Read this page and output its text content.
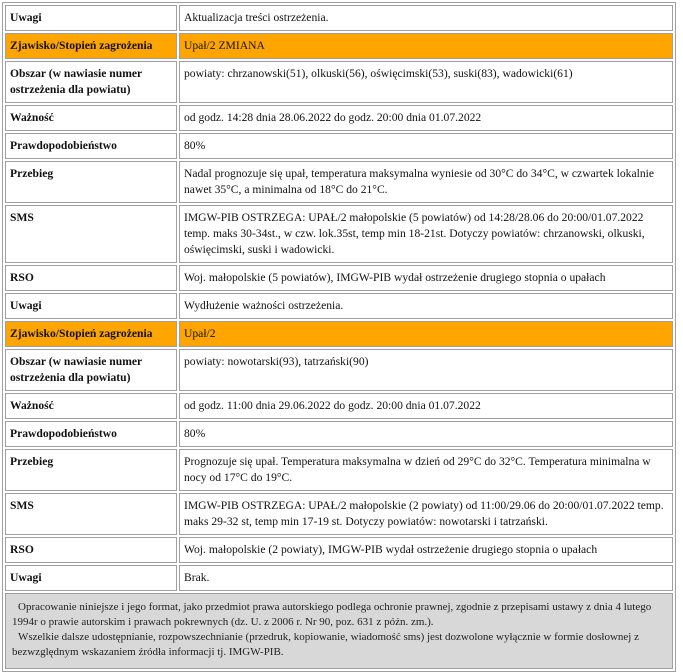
Uwagi	Aktualizacja treści ostrzeżenia.
Zjawisko/Stopień zagrożenia	Upał/2 ZMIANA
Obszar (w nawiasie numer ostrzeżenia dla powiatu)	powiaty: chrzanowski(51), olkuski(56), oświęcimski(53), suski(83), wadowicki(61)
Ważność	od godz. 14:28 dnia 28.06.2022 do godz. 20:00 dnia 01.07.2022
Prawdopodobieństwo	80%
Przebieg	Nadal prognozuje się upał, temperatura maksymalna wyniesie od 30°C do 34°C, w czwartek lokalnie nawet 35°C, a minimalna od 18°C do 21°C.
SMS	IMGW-PIB OSTRZEGA: UPAŁ/2 małopolskie (5 powiatów) od 14:28/28.06 do 20:00/01.07.2022 temp. maks 30-34st., w czw. lok.35st, temp min 18-21st. Dotyczy powiatów: chrzanowski, olkuski, oświęcimski, suski i wadowicki.
RSO	Woj. małopolskie (5 powiatów), IMGW-PIB wydał ostrzeżenie drugiego stopnia o upałach
Uwagi	Wydłużenie ważności ostrzeżenia.
Zjawisko/Stopień zagrożenia	Upał/2
Obszar (w nawiasie numer ostrzeżenia dla powiatu)	powiaty: nowotarski(93), tatrzański(90)
Ważność	od godz. 11:00 dnia 29.06.2022 do godz. 20:00 dnia 01.07.2022
Prawdopodobieństwo	80%
Przebieg	Prognozuje się upał. Temperatura maksymalna w dzień od 29°C do 32°C. Temperatura minimalna w nocy od 17°C do 19°C.
SMS	IMGW-PIB OSTRZEGA: UPAŁ/2 małopolskie (2 powiaty) od 11:00/29.06 do 20:00/01.07.2022 temp. maks 29-32 st, temp min 17-19 st. Dotyczy powiatów: nowotarski i tatrzański.
RSO	Woj. małopolskie (2 powiaty), IMGW-PIB wydał ostrzeżenie drugiego stopnia o upałach
Uwagi	Brak.

Opracowanie niniejsze i jego format, jako przedmiot prawa autorskiego podlega ochronie prawnej, zgodnie z przepisami ustawy z dnia 4 lutego 1994r o prawie autorskim i prawach pokrewnych (dz. U. z 2006 r. Nr 90, poz. 631 z późn. zm.).

Wszelkie dalsze udostępnianie, rozpowszechnianie (przedruk, kopiowanie, wiadomość sms) jest dozwolone wyłącznie w formie dosłownej z bezwzględnym wskazaniem źródła informacji tj. IMGW-PIB.	
